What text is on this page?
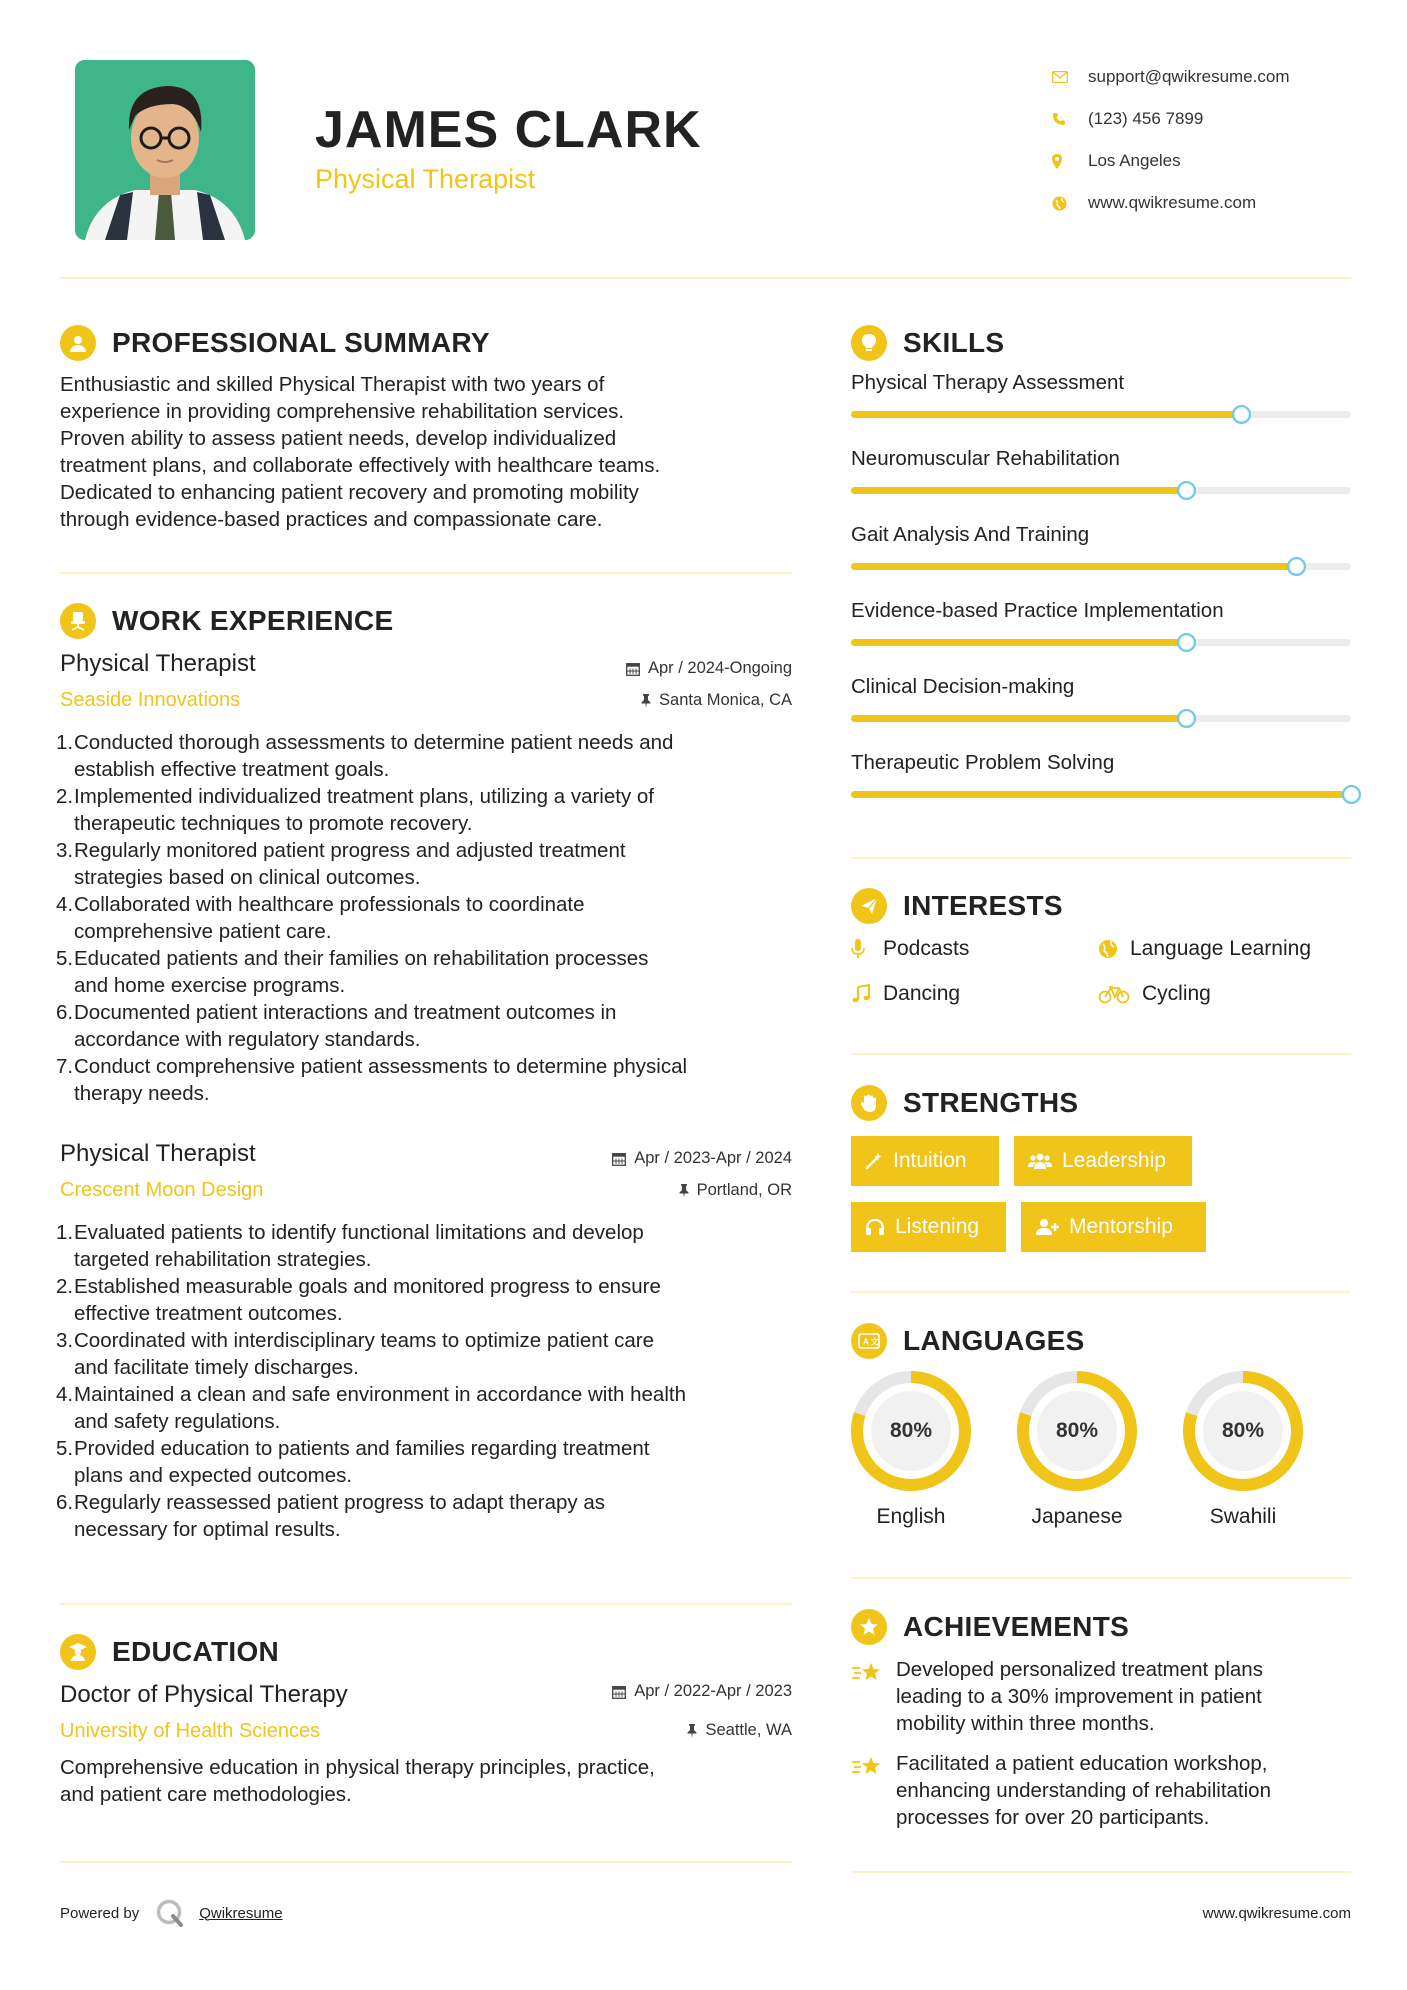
JAMES CLARK
Physical Therapist
support@qwikresume.com
(123) 456 7899
Los Angeles
www.qwikresume.com
PROFESSIONAL SUMMARY
Enthusiastic and skilled Physical Therapist with two years of
experience in providing comprehensive rehabilitation services.
Proven ability to assess patient needs, develop individualized
treatment plans, and collaborate effectively with healthcare teams.
Dedicated to enhancing patient recovery and promoting mobility
through evidence-based practices and compassionate care.
WORK EXPERIENCE
Physical Therapist
Seaside Innovations
Apr / 2024-Ongoing
Santa Monica, CA
1. Conducted thorough assessments to determine patient needs and
establish effective treatment goals.
2. Implemented individualized treatment plans, utilizing a variety of
therapeutic techniques to promote recovery.
3. Regularly monitored patient progress and adjusted treatment
strategies based on clinical outcomes.
4. Collaborated with healthcare professionals to coordinate
comprehensive patient care.
5. Educated patients and their families on rehabilitation processes
and home exercise programs.
6. Documented patient interactions and treatment outcomes in
accordance with regulatory standards.
7. Conduct comprehensive patient assessments to determine physical
therapy needs.
Physical Therapist
Crescent Moon Design
Apr / 2023-Apr / 2024
Portland, OR
1. Evaluated patients to identify functional limitations and develop
targeted rehabilitation strategies.
2. Established measurable goals and monitored progress to ensure
effective treatment outcomes.
3. Coordinated with interdisciplinary teams to optimize patient care
and facilitate timely discharges.
4. Maintained a clean and safe environment in accordance with health
and safety regulations.
5. Provided education to patients and families regarding treatment
plans and expected outcomes.
6. Regularly reassessed patient progress to adapt therapy as
necessary for optimal results.
EDUCATION
Doctor of Physical Therapy
University of Health Sciences
Apr / 2022-Apr / 2023
Seattle, WA
Comprehensive education in physical therapy principles, practice,
and patient care methodologies.
SKILLS
Physical Therapy Assessment
Neuromuscular Rehabilitation
Gait Analysis And Training
Evidence-based Practice Implementation
Clinical Decision-making
Therapeutic Problem Solving
INTERESTS
Podcasts	Language Learning
Dancing	Cycling
STRENGTHS
Intuition	Leadership
Listening	Mentorship
A 文 LANGUAGES
80%
English
80%
Japanese
80%
Swahili
ACHIEVEMENTS
Developed personalized treatment plans
leading to a 30% improvement in patient
mobility within three months.
Facilitated a patient education workshop,
enhancing understanding of rehabilitation
processes for over 20 participants.
Powered by	Qwikresume	www.qwikresume.com
